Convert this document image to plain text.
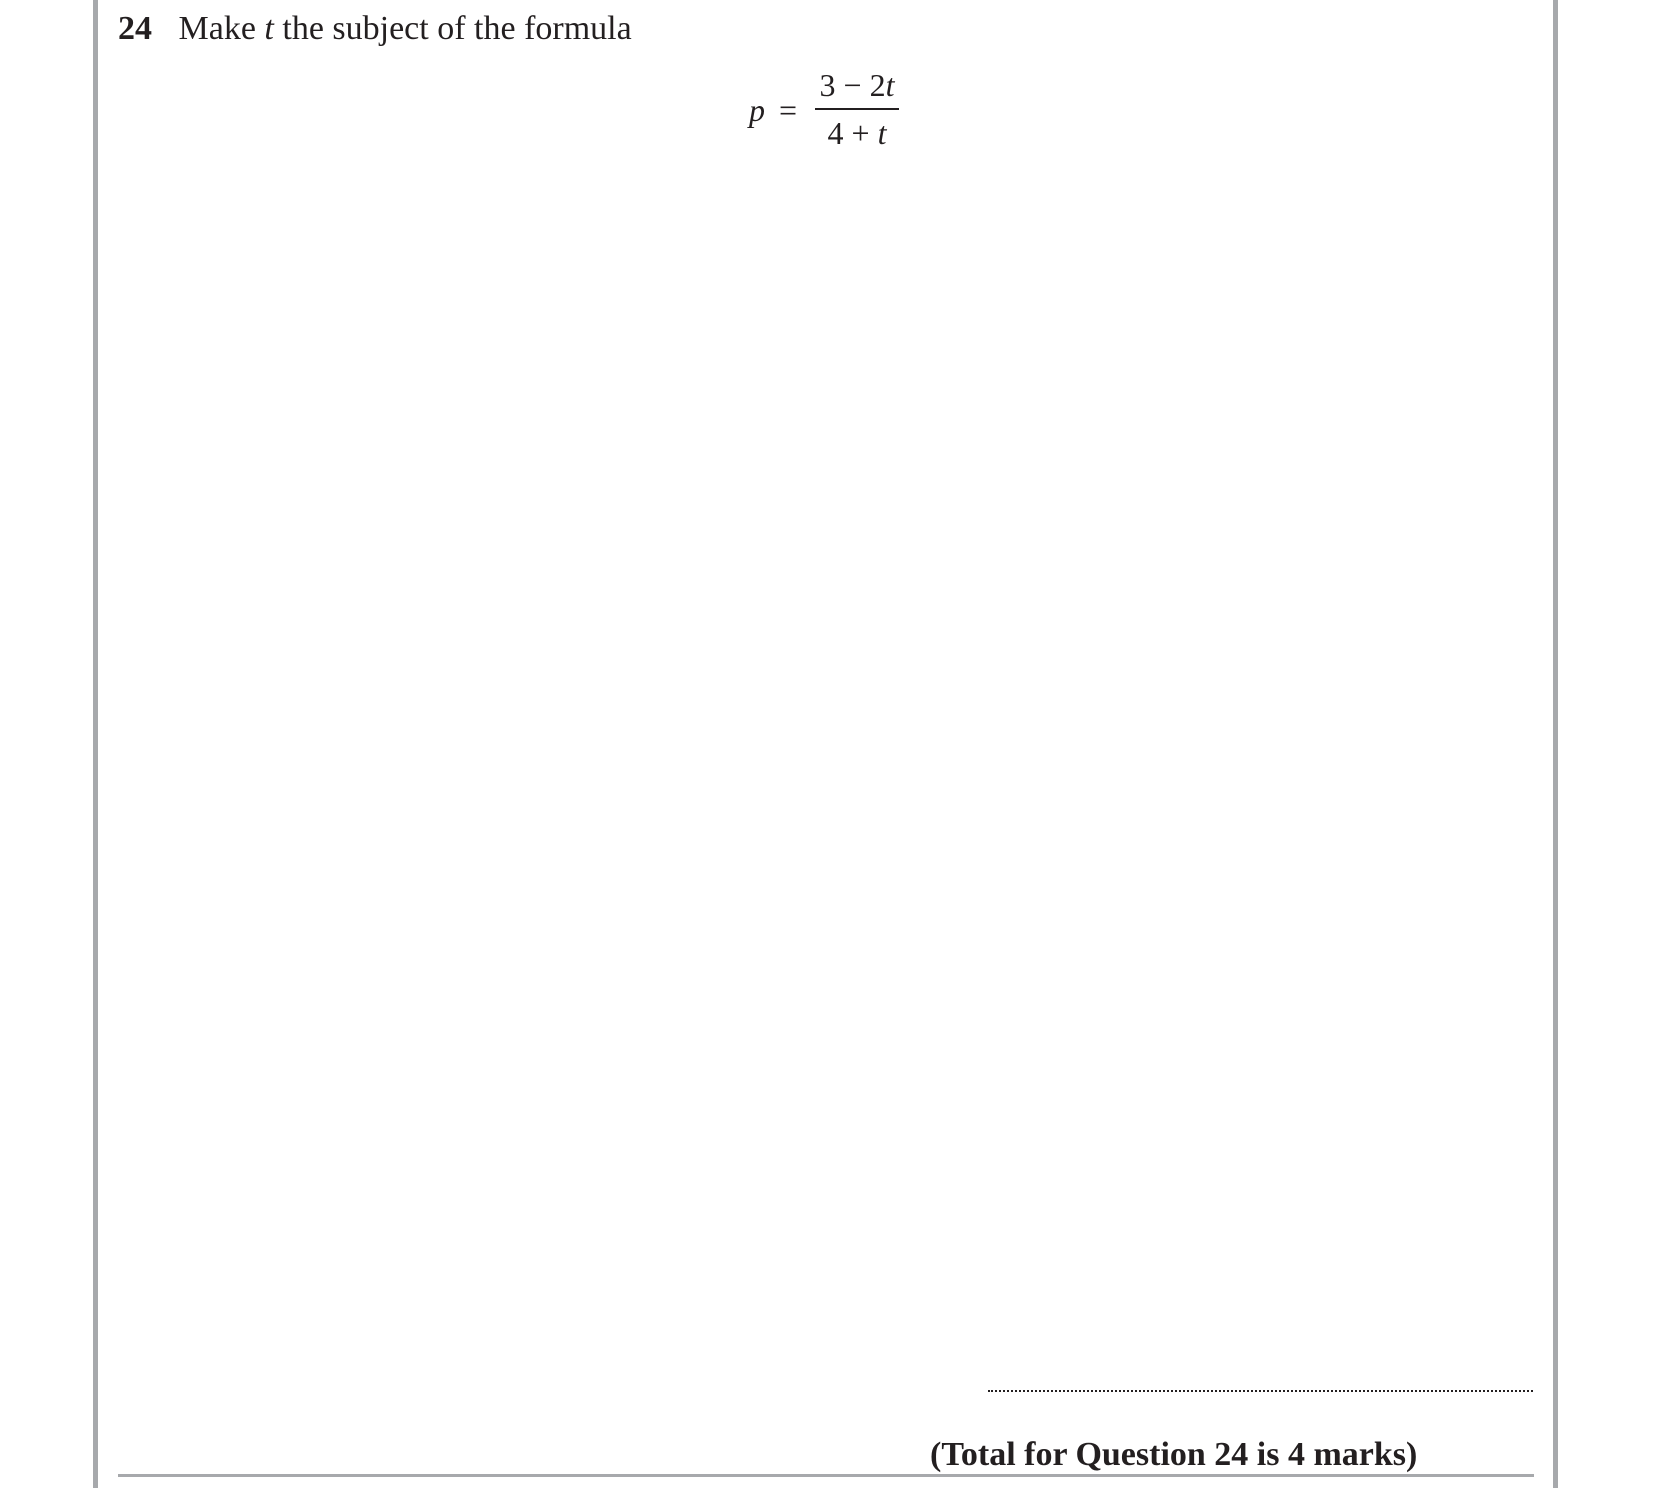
24 Make t the subject of the formula
p =
3 − 2t
4 + t
(Total for Question 24 is 4 marks)
